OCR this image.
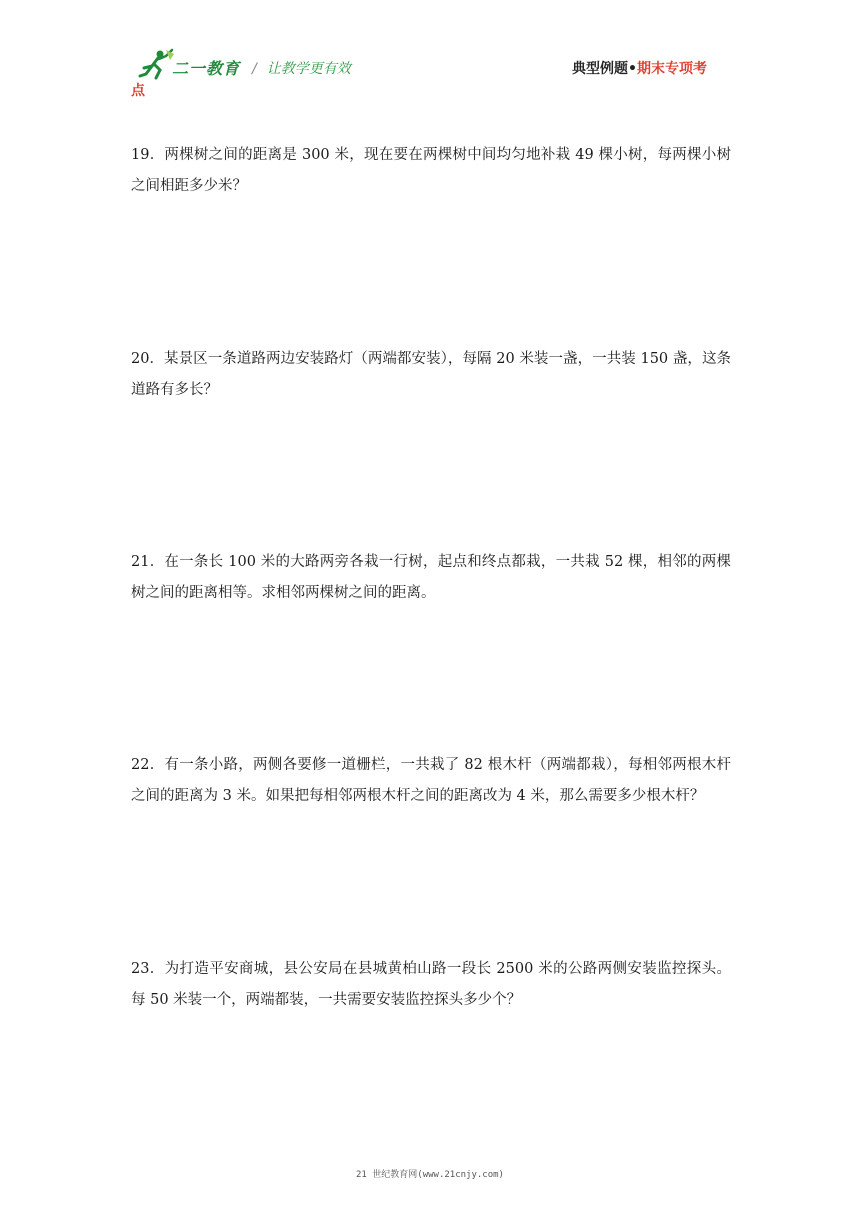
二一教育 / 让教学更有效	典型例题•期末专项考
点
19．两棵树之间的距离是 300 米，现在要在两棵树中间均匀地补栽 49 棵小树，每两棵小树之间相距多少米？
20．某景区一条道路两边安装路灯（两端都安装），每隔 20 米装一盏，一共装 150 盏，这条道路有多长？
21．在一条长 100 米的大路两旁各栽一行树，起点和终点都栽，一共栽 52 棵，相邻的两棵树之间的距离相等。求相邻两棵树之间的距离。
22．有一条小路，两侧各要修一道栅栏，一共栽了 82 根木杆（两端都栽），每相邻两根木杆之间的距离为 3 米。如果把每相邻两根木杆之间的距离改为 4 米，那么需要多少根木杆？
23．为打造平安商城，县公安局在县城黄柏山路一段长 2500 米的公路两侧安装监控探头。每 50 米装一个，两端都装，一共需要安装监控探头多少个？
21 世纪教育网(www.21cnjy.com)
